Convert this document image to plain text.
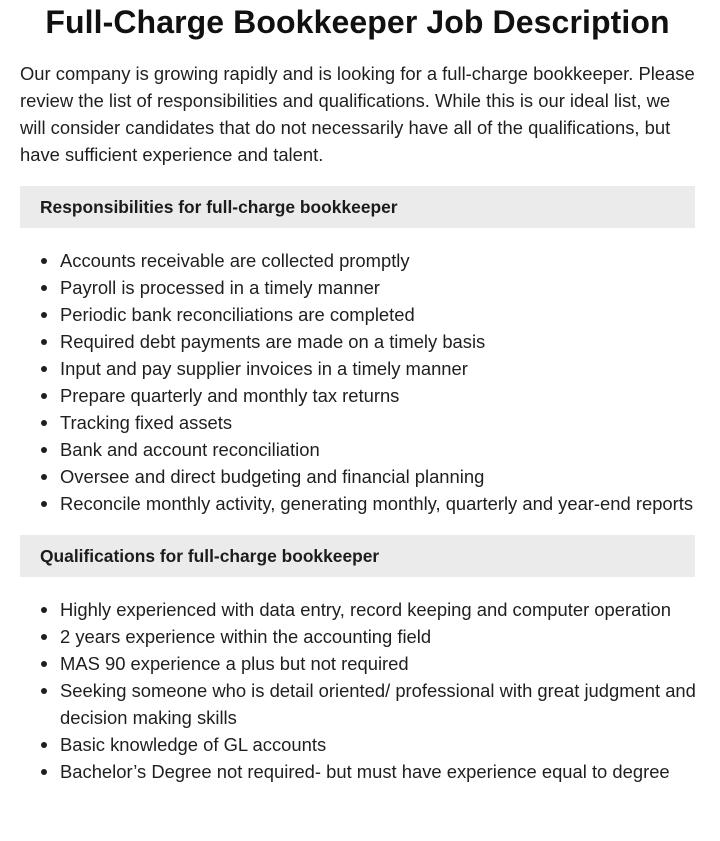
Full-Charge Bookkeeper Job Description

Our company is growing rapidly and is looking for a full-charge bookkeeper. Please review the list of responsibilities and qualifications. While this is our ideal list, we will consider candidates that do not necessarily have all of the qualifications, but have sufficient experience and talent.

Responsibilities for full-charge bookkeeper
Accounts receivable are collected promptly
Payroll is processed in a timely manner
Periodic bank reconciliations are completed
Required debt payments are made on a timely basis
Input and pay supplier invoices in a timely manner
Prepare quarterly and monthly tax returns
Tracking fixed assets
Bank and account reconciliation
Oversee and direct budgeting and financial planning
Reconcile monthly activity, generating monthly, quarterly and year-end reports
Qualifications for full-charge bookkeeper
Highly experienced with data entry, record keeping and computer operation
2 years experience within the accounting field
MAS 90 experience a plus but not required
Seeking someone who is detail oriented/ professional with great judgment and decision making skills
Basic knowledge of GL accounts
Bachelor’s Degree not required- but must have experience equal to degree
